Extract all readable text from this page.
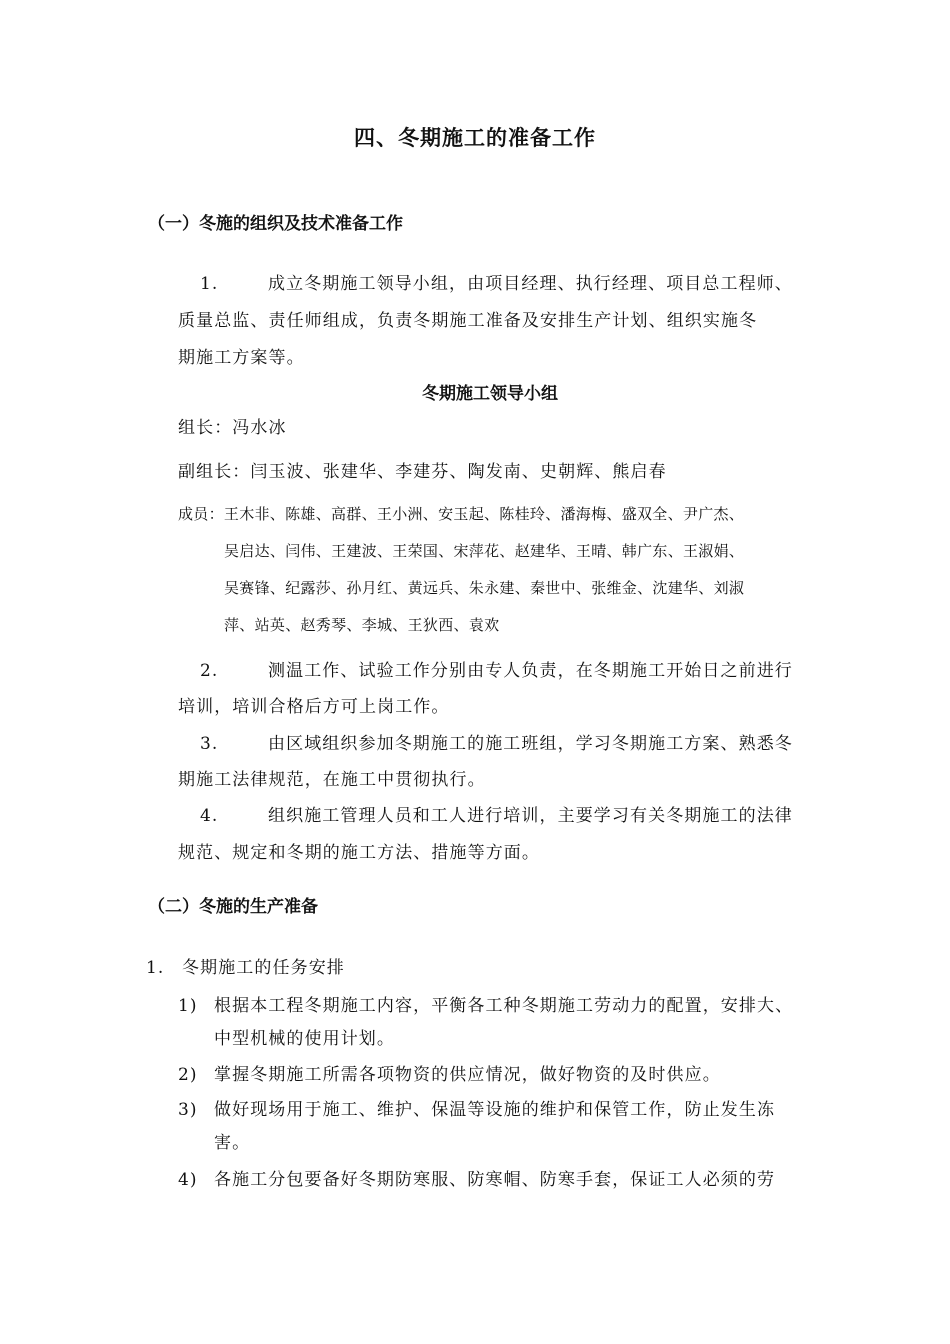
四、冬期施工的准备工作
（一）冬施的组织及技术准备工作
1.	成立冬期施工领导小组，由项目经理、执行经理、项目总工程师、
质量总监、责任师组成，负责冬期施工准备及安排生产计划、组织实施冬
期施工方案等。
冬期施工领导小组
组长：冯水冰
副组长：闫玉波、张建华、李建芬、陶发南、史朝辉、熊启春
成员：王木非、陈雄、高群、王小洲、安玉起、陈桂玲、潘海梅、盛双全、尹广杰、
吴启达、闫伟、王建波、王荣国、宋萍花、赵建华、王晴、韩广东、王淑娟、
吴赛锋、纪露莎、孙月红、黄远兵、朱永建、秦世中、张维金、沈建华、刘淑
萍、站英、赵秀琴、李城、王狄西、袁欢
2.	测温工作、试验工作分别由专人负责，在冬期施工开始日之前进行
培训，培训合格后方可上岗工作。
3.	由区域组织参加冬期施工的施工班组，学习冬期施工方案、熟悉冬
期施工法律规范，在施工中贯彻执行。
4.	组织施工管理人员和工人进行培训，主要学习有关冬期施工的法律
规范、规定和冬期的施工方法、措施等方面。
（二）冬施的生产准备
1. 冬期施工的任务安排
1) 根据本工程冬期施工内容，平衡各工种冬期施工劳动力的配置，安排大、
中型机械的使用计划。
2) 掌握冬期施工所需各项物资的供应情况，做好物资的及时供应。
3) 做好现场用于施工、维护、保温等设施的维护和保管工作，防止发生冻
害。
4) 各施工分包要备好冬期防寒服、防寒帽、防寒手套，保证工人必须的劳
